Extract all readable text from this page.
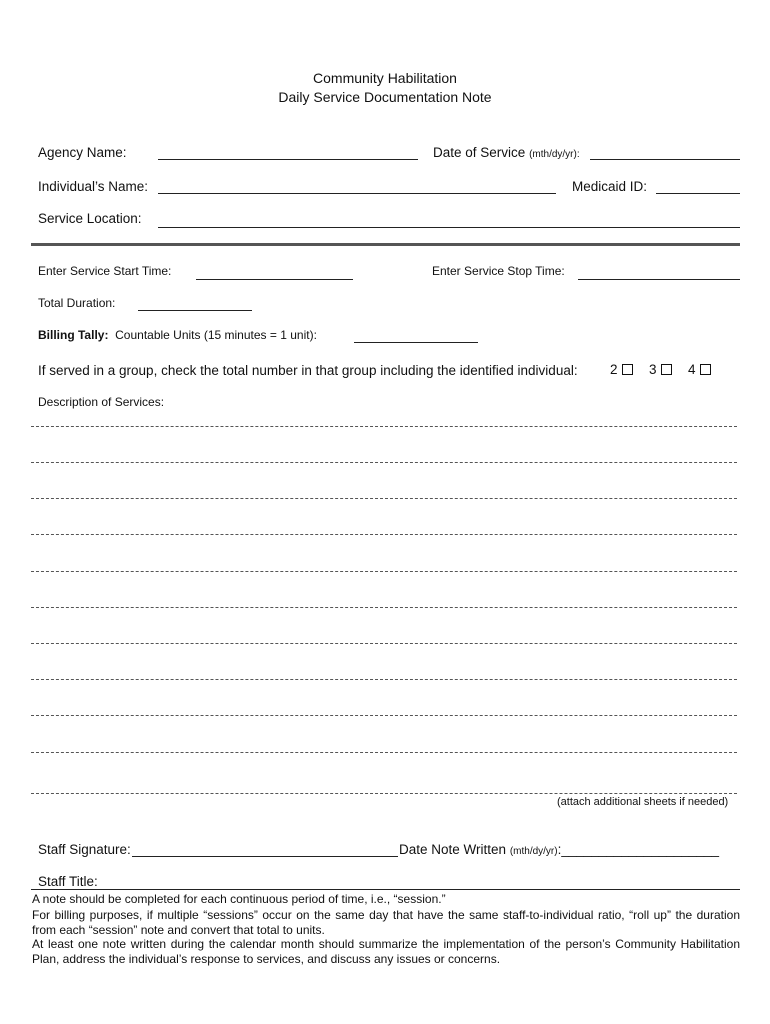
Community Habilitation
Daily Service Documentation Note
Agency Name:	Date of Service (mth/dy/yr):
Individual’s Name:	Medicaid ID:
Service Location:
Enter Service Start Time:	Enter Service Stop Time:
Total Duration:
Billing Tally: Countable Units (15 minutes = 1 unit):
If served in a group, check the total number in that group including the identified individual: 2	3	4
Description of Services:
(attach additional sheets if needed)
Staff Signature:	Date Note Written (mth/dy/yr):_____________________
Staff Title:
A note should be completed for each continuous period of time, i.e., “session.”
For billing purposes, if multiple “sessions” occur on the same day that have the same staff-to-individual ratio, “roll up” the duration from each “session” note and convert that total to units.
At least one note written during the calendar month should summarize the implementation of the person’s Community Habilitation Plan, address the individual’s response to services, and discuss any issues or concerns.
